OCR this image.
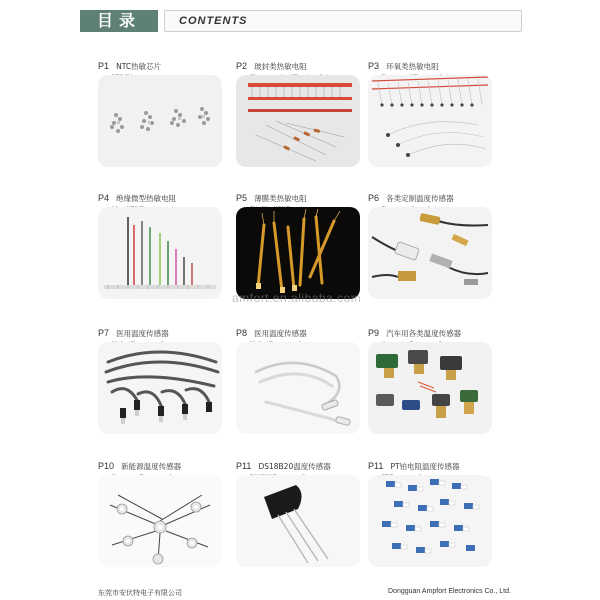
目录	CONTENTS
P1 NTC热敏芯片	P2 玻封类热敏电阻	P3 环氧类热敏电阻
P4 绝缘微型热敏电阻	P5 薄膜类热敏电阻	P6 各类定制温度传感器
P7 医用温度传感器	P8 医用温度传感器	P9 汽车用各类温度传感器
P10 新能源温度传感器	P11 DS18B20温度传感器	P11 PT铂电阻温度传感器
amfort.en.alibaba.com
东莞市安伏特电子有限公司	Dongguan Ampfort Electronics Co., Ltd.
